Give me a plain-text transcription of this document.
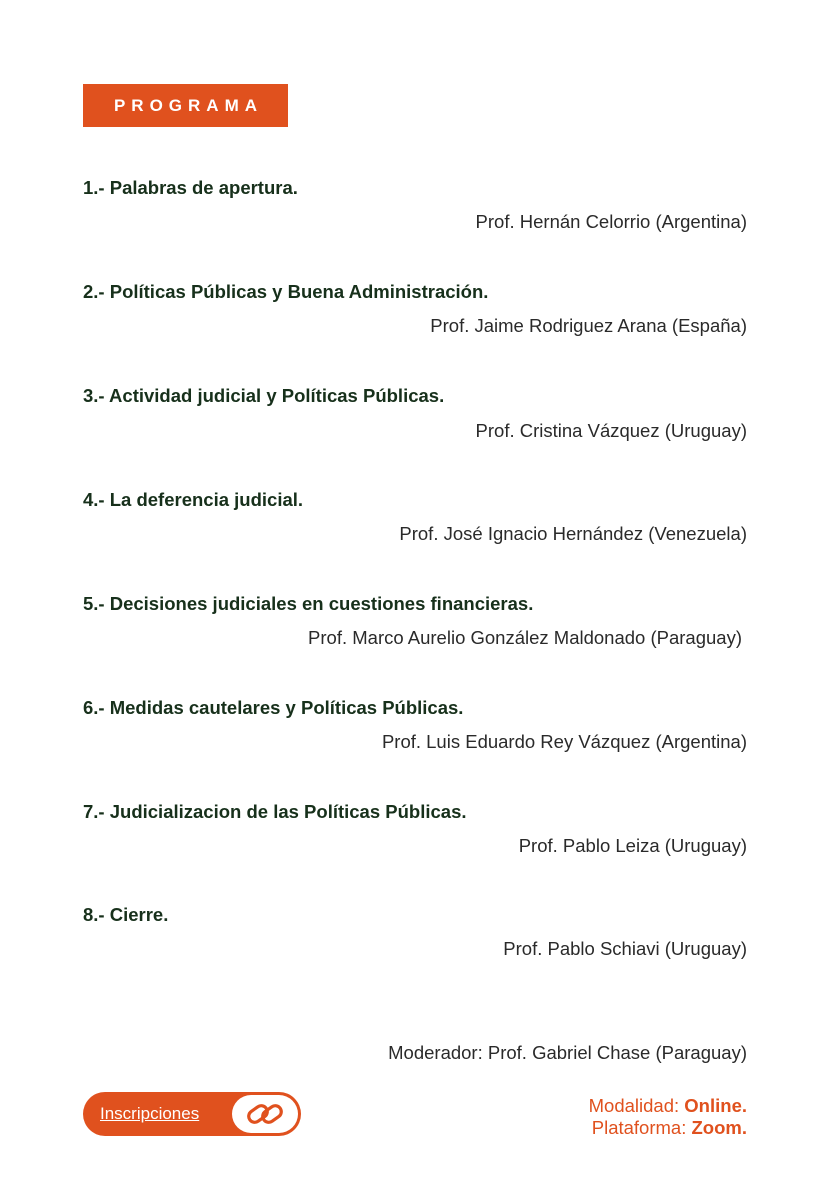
PROGRAMA
1.- Palabras de apertura.
Prof. Hernán Celorrio (Argentina)
2.- Políticas Públicas y Buena Administración.
Prof. Jaime Rodriguez Arana (España)
3.- Actividad judicial y Políticas Públicas.
Prof. Cristina Vázquez (Uruguay)
4.- La deferencia judicial.
Prof. José Ignacio Hernández (Venezuela)
5.- Decisiones judiciales en cuestiones financieras.
Prof. Marco Aurelio González Maldonado (Paraguay)
6.- Medidas cautelares y Políticas Públicas.
Prof. Luis Eduardo Rey Vázquez (Argentina)
7.- Judicializacion de las Políticas Públicas.
Prof. Pablo Leiza (Uruguay)
8.- Cierre.
Prof. Pablo Schiavi (Uruguay)
Moderador: Prof. Gabriel Chase (Paraguay)
Inscripciones	Modalidad: Online.
Plataforma: Zoom.
